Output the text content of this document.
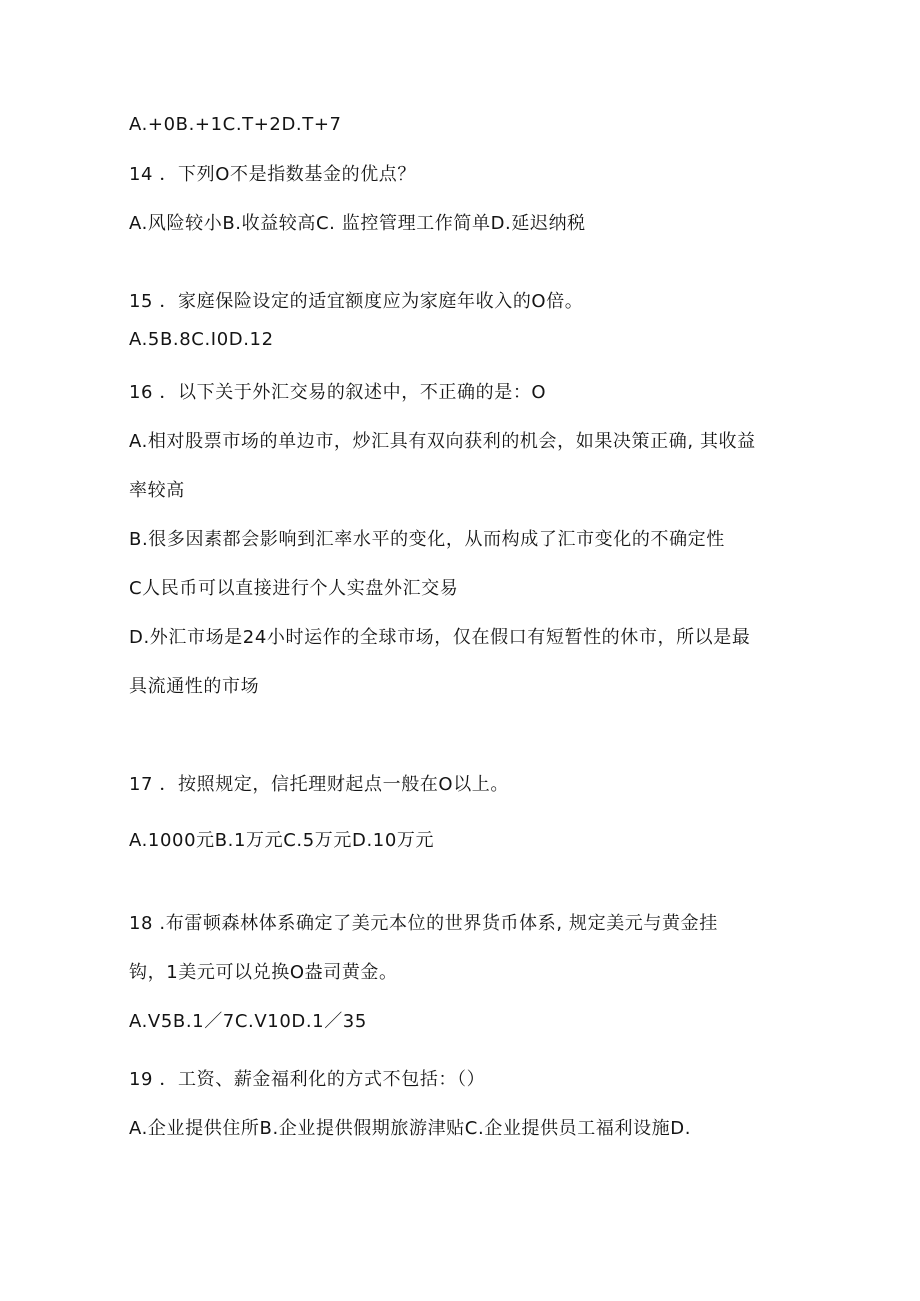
A.+0B.+1C.T+2D.T+7
14 ．下列O不是指数基金的优点？
A.风险较小B.收益较高C. 监控管理工作简单D.延迟纳税
15 ．家庭保险设定的适宜额度应为家庭年收入的O倍。
A.5B.8C.I0D.12
16 ．以下关于外汇交易的叙述中，不正确的是：O
A.相对股票市场的单边市，炒汇具有双向获利的机会，如果决策正确, 其收益
率较高
B.很多因素都会影响到汇率水平的变化，从而构成了汇市变化的不确定性
C人民币可以直接进行个人实盘外汇交易
D.外汇市场是24小时运作的全球市场，仅在假口有短暂性的休市，所以是最
具流通性的市场
17 ．按照规定，信托理财起点一般在O以上。
A.1000元B.1万元C.5万元D.10万元
18 .布雷顿森林体系确定了美元本位的世界货币体系, 规定美元与黄金挂
钩，1美元可以兑换O盎司黄金。
A.V5B.1／7C.V10D.1／35
19 ．工资、薪金福利化的方式不包括：（）
A.企业提供住所B.企业提供假期旅游津贴C.企业提供员工福利设施D.
